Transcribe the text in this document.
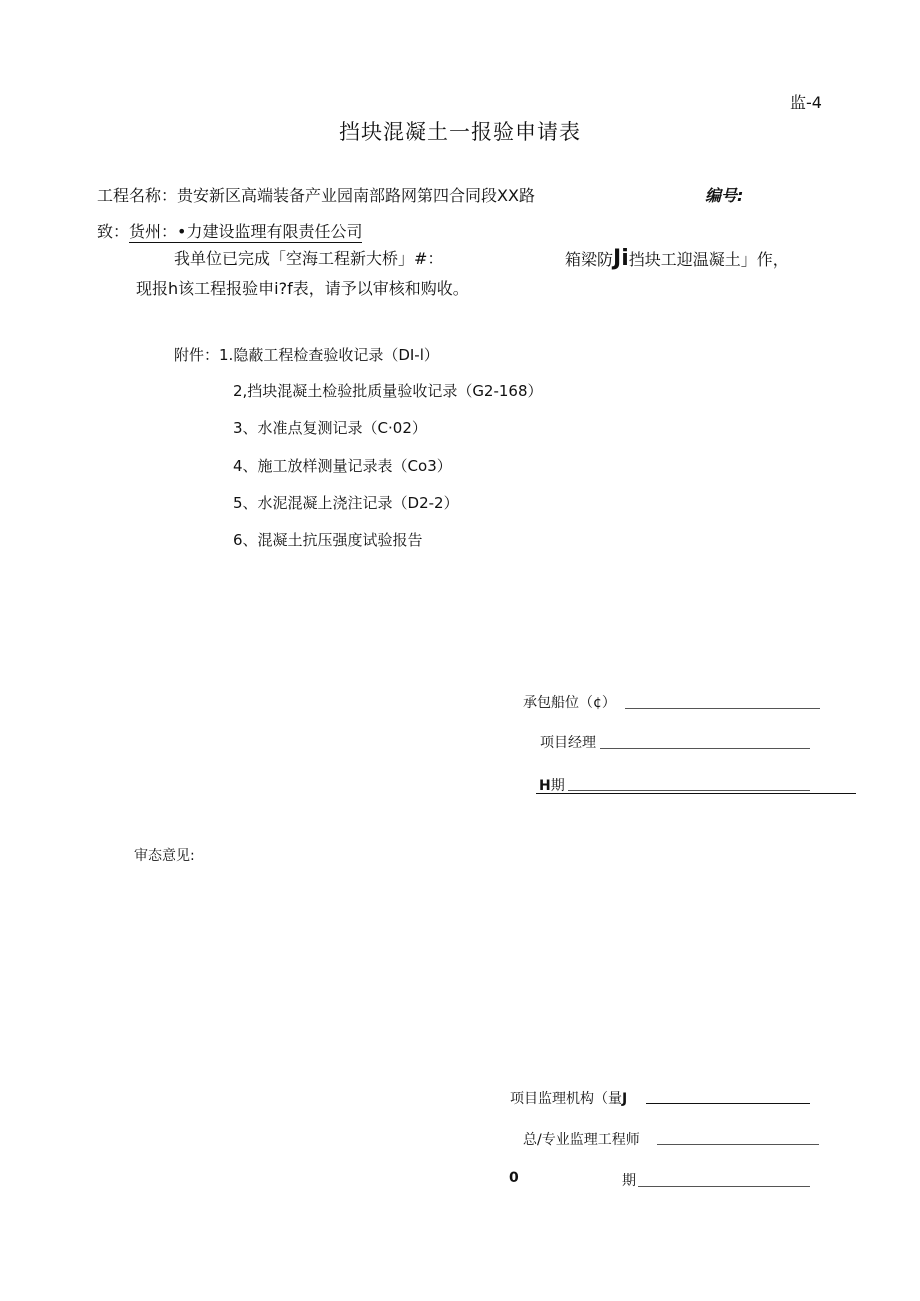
监-4
挡块混凝土一报验申请表
工程名称：贵安新区高端装备产业园南部路网第四合同段XX路	编号:
致：货州：•力建设监理有限责任公司
我单位已完成「空海工程新大桥」#：	箱梁防Ji挡块工迎温凝土」作，
现报h该工程报验申i?f表，请予以审核和购收。
附件：1.隐蔽工程检查验收记录（DI-l）
2,挡块混凝土检验批质量验收记录（G2-168）
3、水准点复测记录（C·02）
4、施工放样测量记录表（Co3）
5、水泥混凝上浇注记录（D2-2）
6、混凝土抗压强度试验报告
承包船位（¢）
项目经理
H期
审态意见:
项目监理机构（量J
总/专业监理工程师
0	期
